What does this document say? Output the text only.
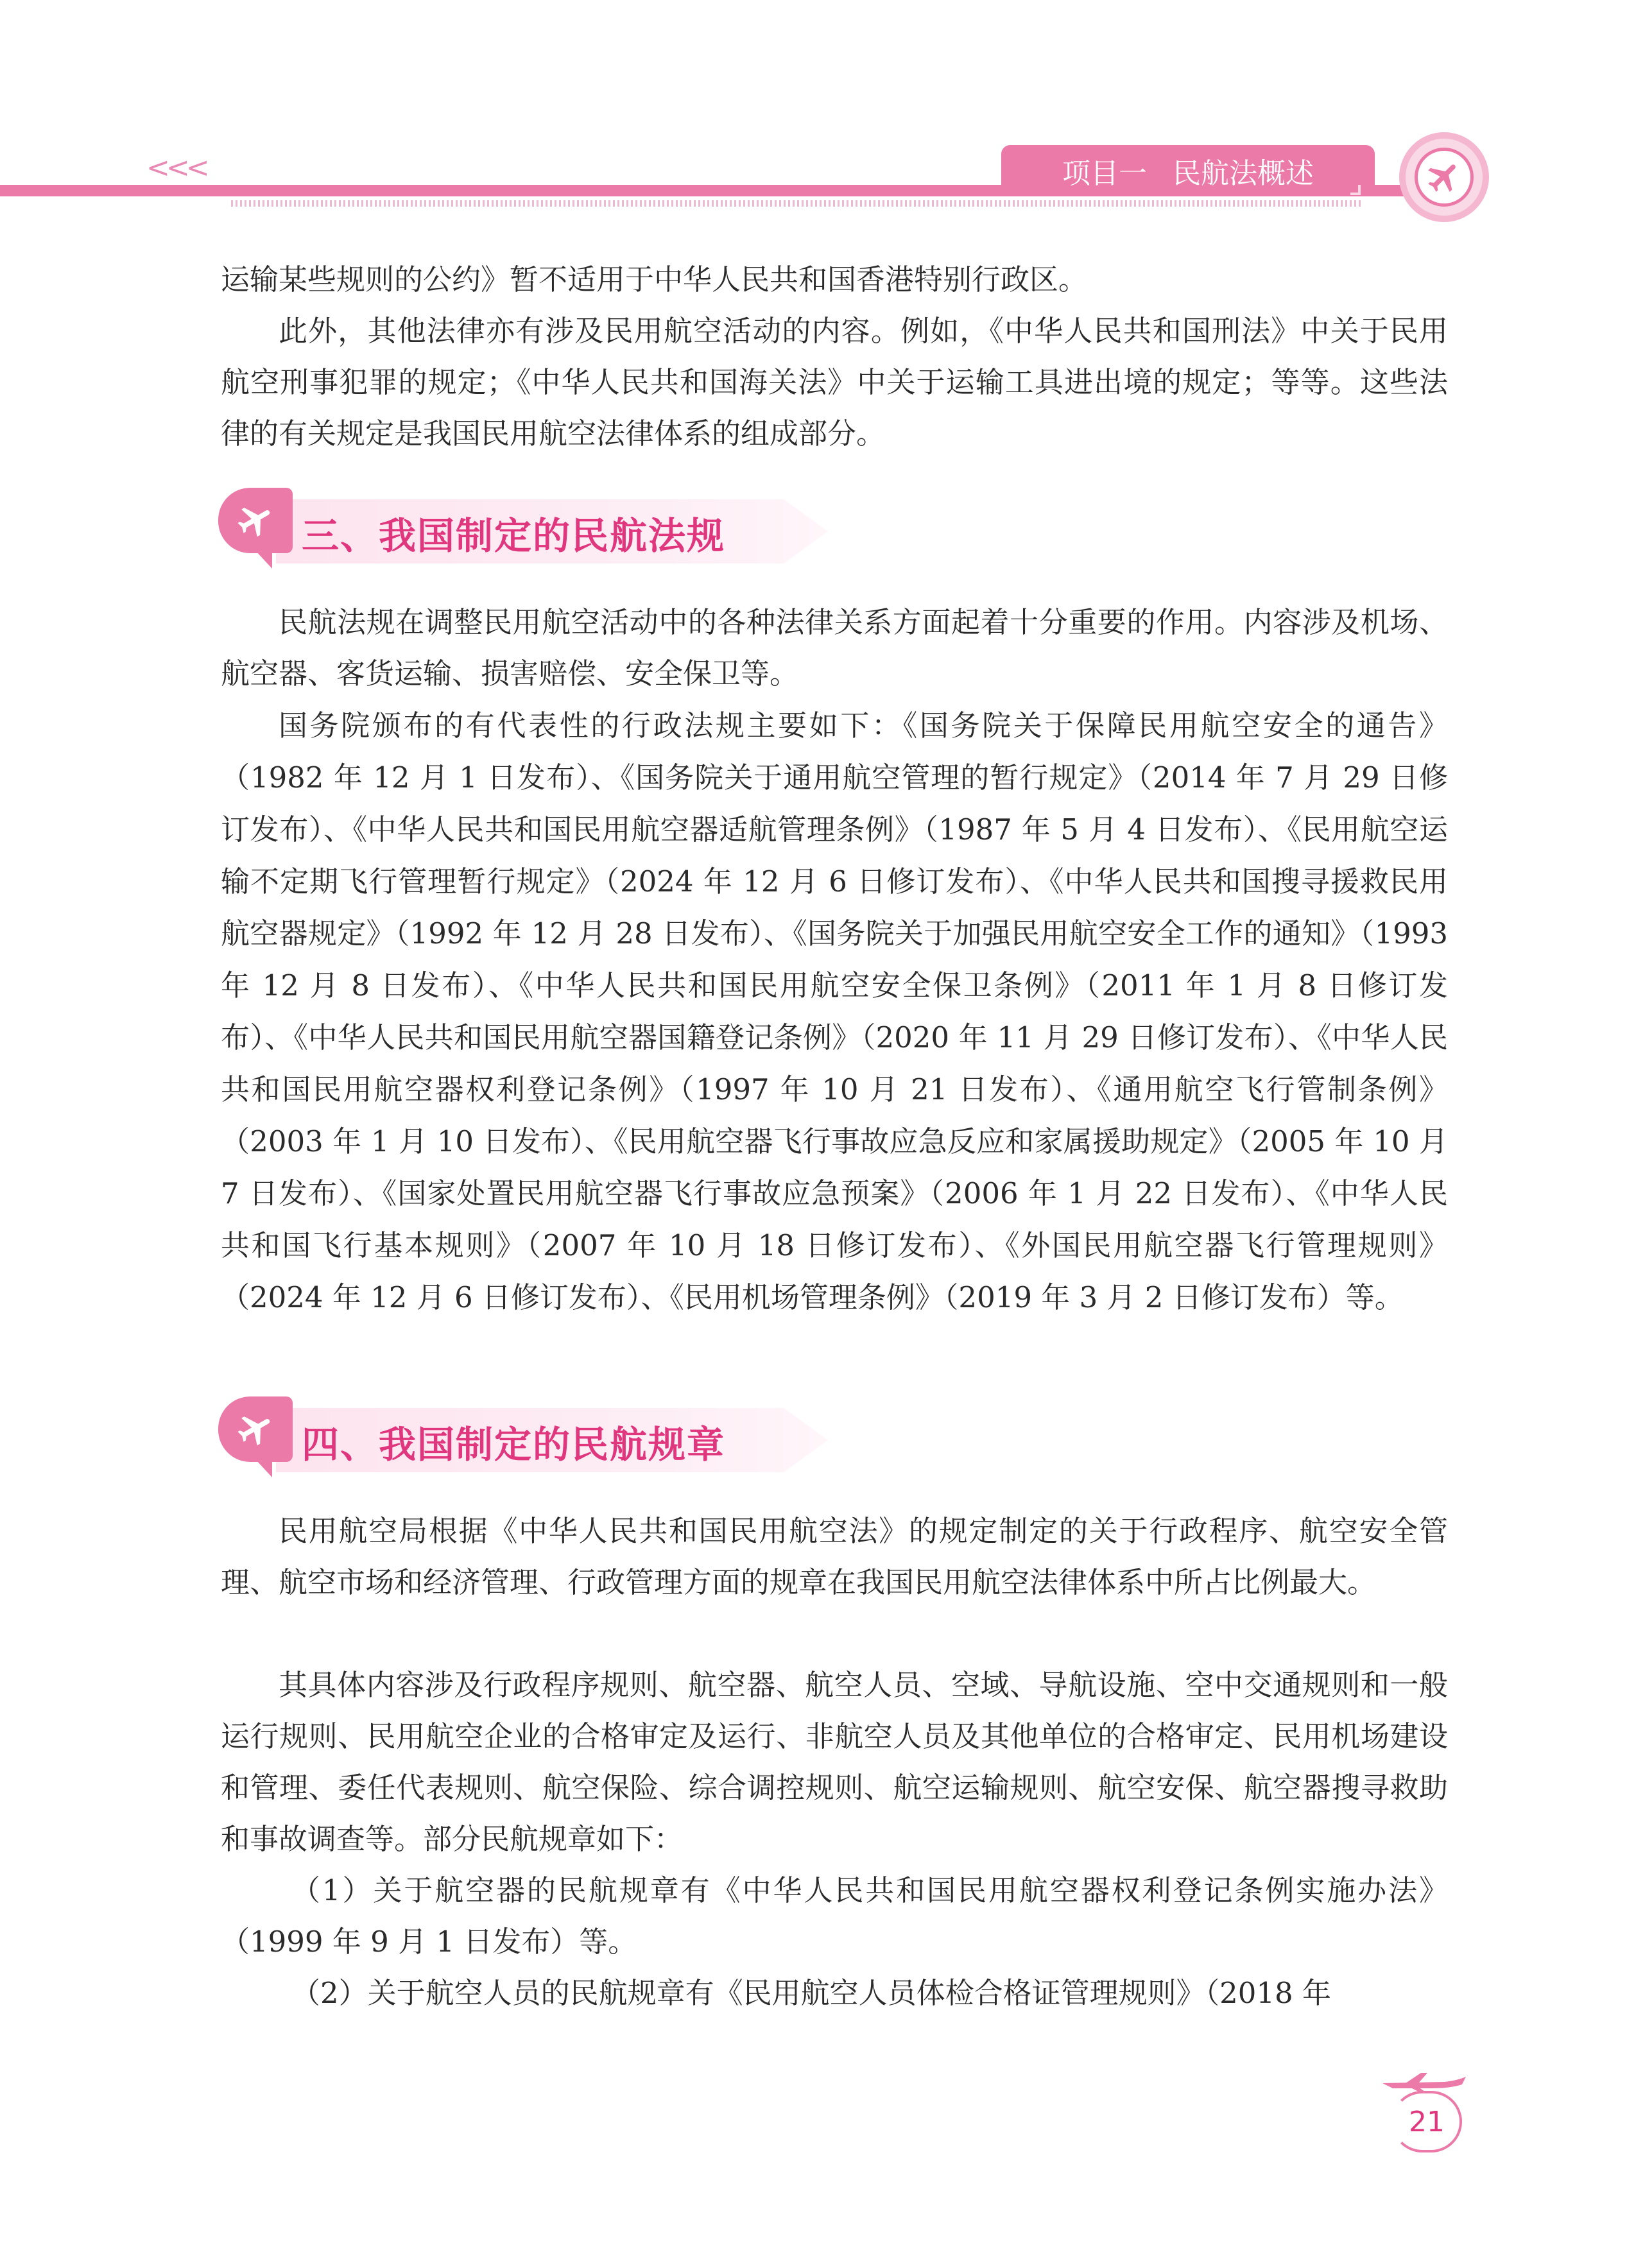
<<<	项目一 民航法概述

运输某些规则的公约》暂不适用于中华人民共和国香港特别行政区。

此外，其他法律亦有涉及民用航空活动的内容。例如，《中华人民共和国刑法》中关于民用航空刑事犯罪的规定；《中华人民共和国海关法》中关于运输工具进出境的规定；等等。这些法律的有关规定是我国民用航空法律体系的组成部分。

三、我国制定的民航法规

民航法规在调整民用航空活动中的各种法律关系方面起着十分重要的作用。内容涉及机场、航空器、客货运输、损害赔偿、安全保卫等。

国务院颁布的有代表性的行政法规主要如下：《国务院关于保障民用航空安全的通告》（1982 年 12 月 1 日发布）、《国务院关于通用航空管理的暂行规定》（2014 年 7 月 29 日修订发布）、《中华人民共和国民用航空器适航管理条例》（1987 年 5 月 4 日发布）、《民用航空运输不定期飞行管理暂行规定》（2024 年 12 月 6 日修订发布）、《中华人民共和国搜寻援救民用航空器规定》（1992 年 12 月 28 日发布）、《国务院关于加强民用航空安全工作的通知》（1993 年 12 月 8 日发布）、《中华人民共和国民用航空安全保卫条例》（2011 年 1 月 8 日修订发布）、《中华人民共和国民用航空器国籍登记条例》（2020 年 11 月 29 日修订发布）、《中华人民共和国民用航空器权利登记条例》（1997 年 10 月 21 日发布）、《通用航空飞行管制条例》（2003 年 1 月 10 日发布）、《民用航空器飞行事故应急反应和家属援助规定》（2005 年 10 月 7 日发布）、《国家处置民用航空器飞行事故应急预案》（2006 年 1 月 22 日发布）、《中华人民共和国飞行基本规则》（2007 年 10 月 18 日修订发布）、《外国民用航空器飞行管理规则》（2024 年 12 月 6 日修订发布）、《民用机场管理条例》（2019 年 3 月 2 日修订发布）等。

四、我国制定的民航规章

民用航空局根据《中华人民共和国民用航空法》的规定制定的关于行政程序、航空安全管理、航空市场和经济管理、行政管理方面的规章在我国民用航空法律体系中所占比例最大。

其具体内容涉及行政程序规则、航空器、航空人员、空域、导航设施、空中交通规则和一般运行规则、民用航空企业的合格审定及运行、非航空人员及其他单位的合格审定、民用机场建设和管理、委任代表规则、航空保险、综合调控规则、航空运输规则、航空安保、航空器搜寻救助和事故调查等。部分民航规章如下：

（1）关于航空器的民航规章有《中华人民共和国民用航空器权利登记条例实施办法》（1999 年 9 月 1 日发布）等。

（2）关于航空人员的民航规章有《民用航空人员体检合格证管理规则》（2018 年

21
